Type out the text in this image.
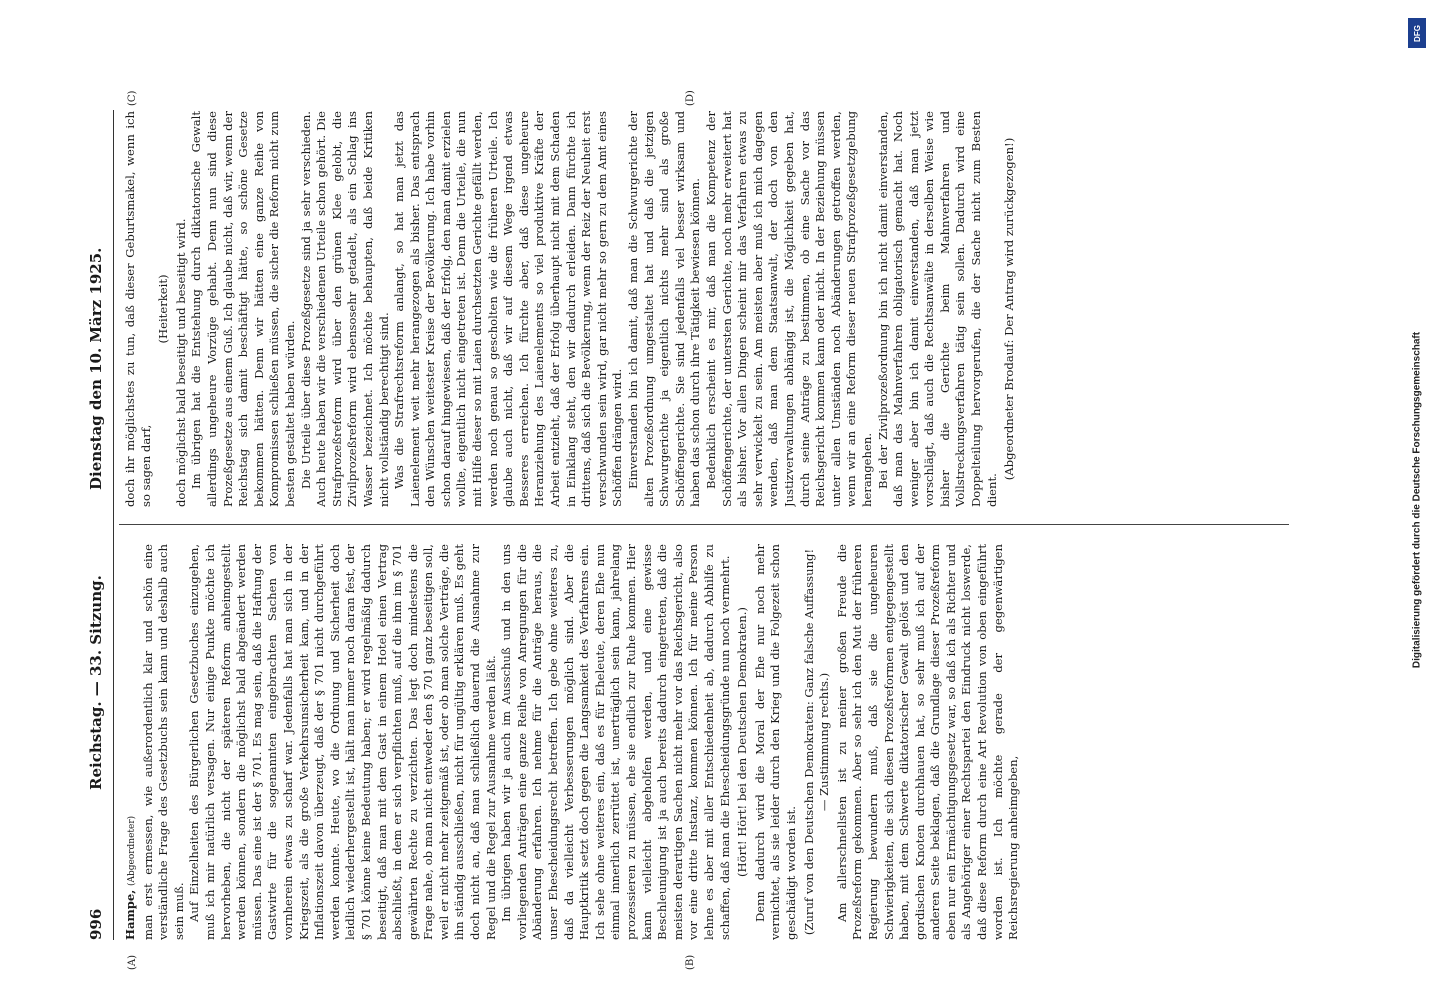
996
Reichstag. — 33. Sitzung.
Dienstag den 10. März 1925.
(A)	(B)
(C)	(D)

Hampe, (Abgeordneter) man erst ermessen, wie außerordentlich klar und schön eine verständliche Frage des Gesetzbuchs sein kann und deshalb auch sein muß. Auf Einzelheiten des Bürgerlichen Gesetzbuches einzugehen, muß ich mir natürlich versagen. Nur einige Punkte möchte ich hervorheben, die nicht der späteren Reform anheimgestellt werden können, sondern die möglichst bald abgeändert werden müssen. Das eine ist der § 701. Es mag sein, daß die Haftung der Gastwirte für die sogenannten eingebrachten Sachen von vornherein etwas zu scharf war. Jedenfalls hat man sich in der Kriegszeit, als die große Verkehrsunsicherheit kam, und in der Inflationszeit davon überzeugt, daß der § 701 nicht durchgeführt werden konnte. Heute, wo die Ordnung und Sicherheit doch leidlich wiederhergestellt ist, hält man immer noch daran fest, der § 701 könne keine Bedeutung haben; er wird regelmäßig dadurch beseitigt, daß man mit dem Gast in einem Hotel einen Vertrag abschließt, in dem er sich verpflichten muß, auf die ihm im § 701 gewährten Rechte zu verzichten. Das legt doch mindestens die Frage nahe, ob man nicht entweder den § 701 ganz beseitigen soll, weil er nicht mehr zeitgemäß ist, oder ob man solche Verträge, die ihn ständig ausschließen, nicht für ungültig erklären muß. Es geht doch nicht an, daß man schließlich dauernd die Ausnahme zur Regel und die Regel zur Ausnahme werden läßt. Im übrigen haben wir ja auch im Ausschuß und in den uns vorliegenden Anträgen eine ganze Reihe von Anregungen für die Abänderung erfahren. Ich nehme für die Anträge heraus, die unser Ehescheidungsrecht betreffen. Ich gebe ohne weiteres zu, daß da vielleicht Verbesserungen möglich sind. Aber die Hauptkritik setzt doch gegen die Langsamkeit des Verfahrens ein. Ich sehe ohne weiteres ein, daß es für Eheleute, deren Ehe nun einmal innerlich zerrüttet ist, unerträglich sein kann, jahrelang prozessieren zu müssen, ehe sie endlich zur Ruhe kommen. Hier kann vielleicht abgeholfen werden, und eine gewisse Beschleunigung ist ja auch bereits dadurch eingetreten, daß die meisten derartigen Sachen nicht mehr vor das Reichsgericht, also vor eine dritte Instanz, kommen können. Ich für meine Person lehne es aber mit aller Entschiedenheit ab, dadurch Abhilfe zu schaffen, daß man die Ehescheidungsgründe nun noch vermehrt. (Hört! Hört! bei den Deutschen Demokraten.) Denn dadurch wird die Moral der Ehe nur noch mehr vernichtet, als sie leider durch den Krieg und die Folgezeit schon geschädigt worden ist. (Zuruf von den Deutschen Demokraten: Ganz falsche Auffassung! — Zustimmung rechts.) Am allerschnellsten ist zu meiner großen Freude die Prozeßreform gekommen. Aber so sehr ich den Mut der früheren Regierung bewundern muß, daß sie die ungeheuren Schwierigkeiten, die sich diesen Prozeßreformen entgegengestellt haben, mit dem Schwerte diktatorischer Gewalt gelöst und den gordischen Knoten durchhauen hat, so sehr muß ich auf der anderen Seite beklagen, daß die Grundlage dieser Prozeßreform eben nur ein Ermächtigungsgesetz war, so daß ich als Richter und als Angehöriger einer Rechtspartei den Eindruck nicht loswerde, daß diese Reform durch eine Art Revolution von oben eingeführt worden ist. Ich möchte gerade der gegenwärtigen Reichsregierung anheimgeben,

doch ihr möglichstes zu tun, daß dieser Geburtsmakel, wenn ich so sagen darf,

(Heiterkeit) doch möglichst bald beseitigt und beseitigt wird. Im übrigen hat die Entstehung durch diktatorische Gewalt allerdings ungeheure Vorzüge gehabt. Denn nun sind diese Prozeßgesetze aus einem Guß. Ich glaube nicht, daß wir, wenn der Reichstag sich damit beschäftigt hätte, so schöne Gesetze bekommen hätten. Denn wir hätten eine ganze Reihe von Kompromissen schließen müssen, die sicher die Reform nicht zum besten gestaltet haben würden. Die Urteile über diese Prozeßgesetze sind ja sehr verschieden. Auch heute haben wir die verschiedenen Urteile schon gehört. Die Strafprozeßreform wird über den grünen Klee gelobt, die Zivilprozeßreform wird ebensosehr getadelt, als ein Schlag ins Wasser bezeichnet. Ich möchte behaupten, daß beide Kritiken nicht vollständig berechtigt sind. Was die Strafrechtsreform anlangt, so hat man jetzt das Laienelement weit mehr herangezogen als bisher. Das entsprach den Wünschen weitester Kreise der Bevölkerung. Ich habe vorhin schon darauf hingewiesen, daß der Erfolg, den man damit erzielen wollte, eigentlich nicht eingetreten ist. Denn die Urteile, die nun mit Hilfe dieser so mit Laien durchsetzten Gerichte gefällt werden, werden noch genau so gescholten wie die früheren Urteile. Ich glaube auch nicht, daß wir auf diesem Wege irgend etwas Besseres erreichen. Ich fürchte aber, daß diese ungeheure Heranziehung des Laienelements so viel produktive Kräfte der Arbeit entzieht, daß der Erfolg überhaupt nicht mit dem Schaden in Einklang steht, den wir dadurch erleiden. Dann fürchte ich drittens, daß sich die Bevölkerung, wenn der Reiz der Neuheit erst verschwunden sein wird, gar nicht mehr so gern zu dem Amt eines Schöffen drängen wird. Einverstanden bin ich damit, daß man die Schwurgerichte der alten Prozeßordnung umgestaltet hat und daß die jetzigen Schwurgerichte ja eigentlich nichts mehr sind als große Schöffengerichte. Sie sind jedenfalls viel besser wirksam und haben das schon durch ihre Tätigkeit bewiesen können. Bedenklich erscheint es mir, daß man die Kompetenz der Schöffengerichte, der untersten Gerichte, noch mehr erweitert hat als bisher. Vor allen Dingen scheint mir das Verfahren etwas zu sehr verwickelt zu sein. Am meisten aber muß ich mich dagegen wenden, daß man dem Staatsanwalt, der doch von den Justizverwaltungen abhängig ist, die Möglichkeit gegeben hat, durch seine Anträge zu bestimmen, ob eine Sache vor das Reichsgericht kommen kann oder nicht. In der Beziehung müssen unter allen Umständen noch Abänderungen getroffen werden, wenn wir an eine Reform dieser neuen Strafprozeßgesetzgebung herangehen. Bei der Zivilprozeßordnung bin ich nicht damit einverstanden, daß man das Mahnverfahren obligatorisch gemacht hat. Noch weniger aber bin ich damit einverstanden, daß man jetzt vorschlägt, daß auch die Rechtsanwälte in derselben Weise wie bisher die Gerichte beim Mahnverfahren und Vollstreckungsverfahren tätig sein sollen. Dadurch wird eine Doppelteilung hervorgerufen, die der Sache nicht zum Besten dient.

(Abgeordneter Brodauf: Der Antrag wird zurückgezogen!)

DFG
Digitalisierung gefördert durch die Deutsche Forschungsgemeinschaft
